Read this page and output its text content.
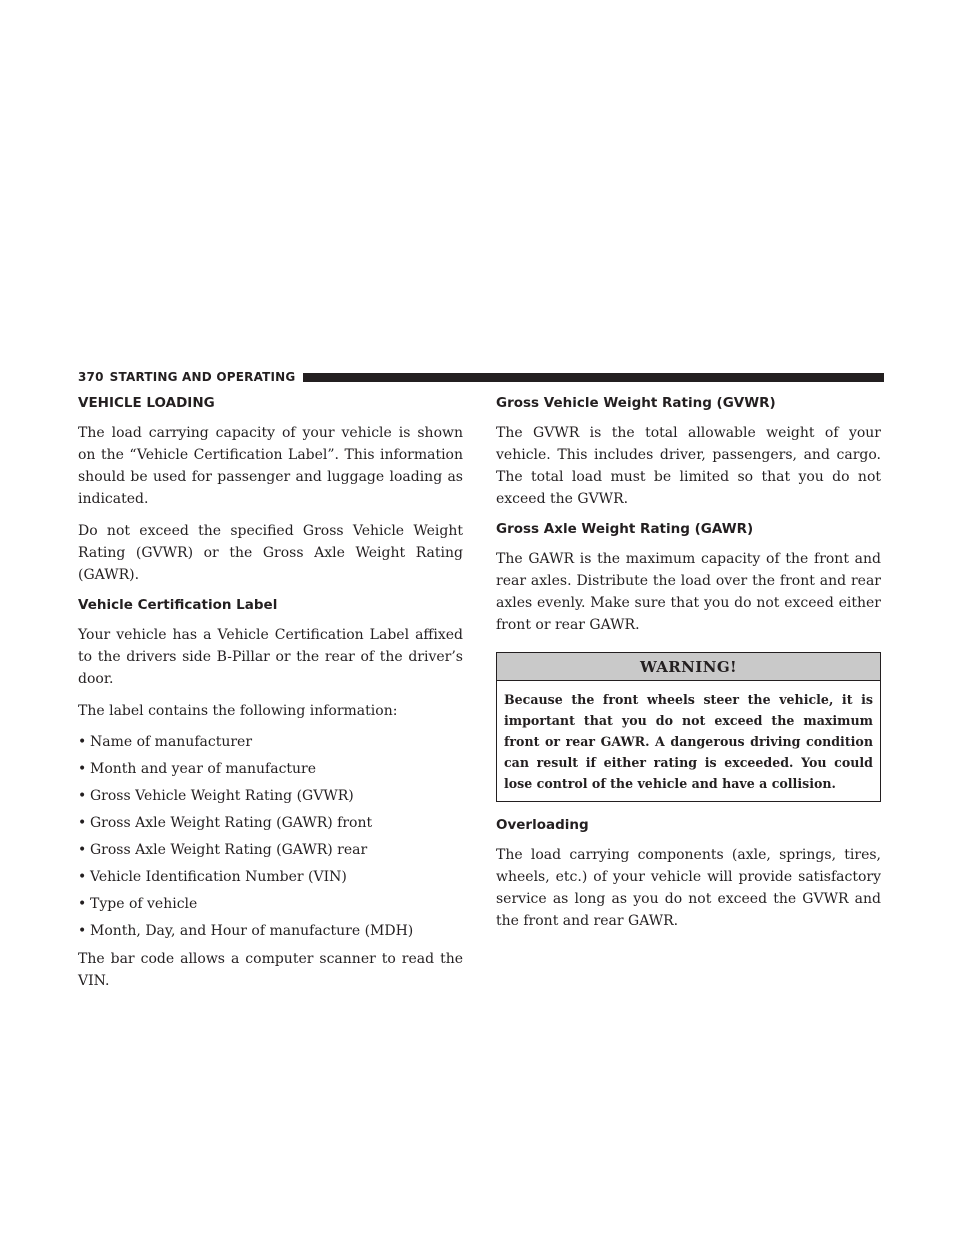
370 STARTING AND OPERATING
VEHICLE LOADING

The load carrying capacity of your vehicle is shown on the “Vehicle Certification Label”. This information should be used for passenger and luggage loading as indicated.

Do not exceed the specified Gross Vehicle Weight Rating (GVWR) or the Gross Axle Weight Rating (GAWR).

Vehicle Certification Label

Your vehicle has a Vehicle Certification Label affixed to the drivers side B-Pillar or the rear of the driver’s door.

The label contains the following information:

• Name of manufacturer
• Month and year of manufacture
• Gross Vehicle Weight Rating (GVWR)
• Gross Axle Weight Rating (GAWR) front
• Gross Axle Weight Rating (GAWR) rear
• Vehicle Identification Number (VIN)
• Type of vehicle
• Month, Day, and Hour of manufacture (MDH)

The bar code allows a computer scanner to read the VIN.

Gross Vehicle Weight Rating (GVWR)

The GVWR is the total allowable weight of your vehicle. This includes driver, passengers, and cargo. The total load must be limited so that you do not exceed the GVWR.

Gross Axle Weight Rating (GAWR)

The GAWR is the maximum capacity of the front and rear axles. Distribute the load over the front and rear axles evenly. Make sure that you do not exceed either front or rear GAWR.

WARNING!
Because the front wheels steer the vehicle, it is important that you do not exceed the maximum front or rear GAWR. A dangerous driving condition can result if either rating is exceeded. You could lose control of the vehicle and have a collision.
Overloading

The load carrying components (axle, springs, tires, wheels, etc.) of your vehicle will provide satisfactory service as long as you do not exceed the GVWR and the front and rear GAWR.
